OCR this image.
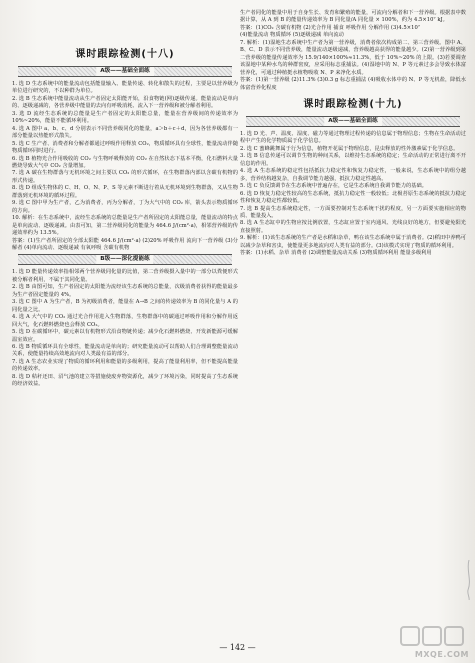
课时跟踪检测(十八)
A级——基础全面练

1. 选 D 生态系统中的能量流动包括能量输入、能量传递、转化和散失的过程，主要是以营养级为单位进行研究的，不以种群为单位。

2. 选 B 生态系统中能量流动从生产者固定太阳能开始，沿食物链(网)逐级传递。能量流动是单向的、逐级递减的，各营养级中能量的去向有呼吸消耗、流入下一营养级和被分解者利用。

3. 选 D 流经生态系统的总能量是生产者固定的太阳能总量，能量在营养级间的传递效率为10%~20%，能量不能循环利用。

4. 选 A 图中 a、b、c、d 分别表示不同营养级同化的能量，a＞b＋c＋d，因为各营养级都有一部分能量以热能形式散失。

5. 选 C 生产者、消费者和分解者都通过呼吸作用释放 CO₂，物质循环具有全球性，能量流动伴随物质循环同时进行。

6. 选 B 植物光合作用吸收的 CO₂ 与生物呼吸释放的 CO₂ 在自然状态下基本平衡，化石燃料大量燃烧导致大气中 CO₂ 含量增加。

7. 选 A 碳在生物群落与无机环境之间主要以 CO₂ 的形式循环，在生物群落内部以含碳有机物的形式传递。

8. 选 D 组成生物体的 C、H、O、N、P、S 等元素不断进行着从无机环境到生物群落，又从生物群落到无机环境的循环过程。

9. 选 C 图中甲为生产者，乙为消费者，丙为分解者，丁为大气中的 CO₂ 库，箭头表示物质循环的方向。

10. 解析：在生态系统中，流经生态系统的总能量是生产者所固定的太阳能总量，能量流动的特点是单向流动、逐级递减。由表可知，第二营养级同化的能量为 464.6 J/(cm²·a)，相邻营养级的传递效率约为 13.5%。

答案：(1)生产者所固定的全部太阳能 464.6 J/(cm²·a) (2)20% 呼吸作用 流向下一营养级 (3)分解者 (4)单向流动、逐级递减 有氧呼吸 含碳有机物

B级——深化提能练

1. 选 D 能量传递效率指相邻两个营养级同化量的比值，第二营养级摄入量中的一部分以粪便形式被分解者利用，不属于其同化量。

2. 选 B 由图可知，生产者固定的太阳能为流经该生态系统的总能量，次级消费者获得的能量最多为生产者固定能量的 4%。

3. 选 C 图中 A 为生产者，B 为初级消费者，能量在 A→B 之间的传递效率为 B 的同化量与 A 的同化量之比。

4. 选 A 大气中的 CO₂ 通过光合作用进入生物群落，生物群落中的碳通过呼吸作用和分解作用返回大气，化石燃料燃烧也会释放 CO₂。

5. 选 D 在碳循环中，碳元素以有机物形式沿食物链传递；减少化石燃料燃烧、开发新能源可缓解温室效应。

6. 选 B 物质循环具有全球性，能量流动是单向的；研究能量流动可以帮助人们合理调整能量流动关系，使能量持续高效地流向对人类最有益的部分。

7. 选 A 生态农业实现了物质的循环利用和能量的多级利用，提高了能量利用率，但不能提高能量的传递效率。

8. 选 D 秸秆还田、沼气池的建立等措施使废弃物资源化，减少了环境污染，同时提高了生态系统的经济效益。

生产者同化的能量中用于自身生长、发育和繁殖的能量，可流向分解者和下一营养级。根据表中数据计算，从 A 到 B 的能量传递效率为 B 同化量/A 同化量 × 100%，约为 4.5×10⁷ kJ。

答案：(1)CO₂ 含碳有机物 (2)光合作用 捕食 呼吸作用 分解作用 (3)4.5×10⁷

(4)能量流动 物质循环 (5)逐级递减 单向流动

7. 解析：(1)湿地生态系统中生产者为第一营养级，消费者依次构成第二、第三营养级。图中 A、B、C、D 表示不同营养级，能量流动逐级递减，营养级越高获得的能量越少。(2)第一营养级到第二营养级的能量传递效率为 15.9/140×100%≈11.3%，低于 10%~20% 的上限。(3)若要调查该湿地中某种水鸟的种群密度，应采用标志重捕法。(4)湿地中的 N、P 等元素过多会导致水体富营养化，可通过种植挺水植物吸收 N、P 来净化水质。

答案：(1)第一营养级 (2)11.3% (3)0.3 g 标志重捕法 (4)吸收水体中的 N、P 等无机盐，降低水体富营养化程度

课时跟踪检测(十九)
A级——基础全面练

1. 选 D 光、声、温度、湿度、磁力等通过物理过程传递的信息属于物理信息；生物在生命活动过程中产生的化学物质属于化学信息。

2. 选 C 蜜蜂跳舞属于行为信息，植物开花属于物理信息，昆虫释放的性外激素属于化学信息。

3. 选 B 信息传递可以调节生物的种间关系，以维持生态系统的稳定；生命活动的正常进行离不开信息的作用。

4. 选 A 生态系统的稳定性包括抵抗力稳定性和恢复力稳定性，一般来说，生态系统中的组分越多，营养结构越复杂，自我调节能力越强，抵抗力稳定性越高。

5. 选 C 负反馈调节在生态系统中普遍存在，它是生态系统自我调节能力的基础。

6. 选 D 恢复力稳定性较高的生态系统，抵抗力稳定性一般较低；北极苔原生态系统的抵抗力稳定性和恢复力稳定性都较低。

7. 选 B 提高生态系统稳定性，一方面要控制对生态系统干扰的程度，另一方面要实施相应的物质、能量投入。

8. 选 A 生态缸中的生物应按比例放置，生态缸应置于室内通风、光线良好的地方，但要避免阳光直接照射。

9. 解析：(1)该生态系统的生产者是水稻和杂草，鸭在该生态系统中属于消费者。(2)稻田中养鸭可以减少杂草和害虫，使能量更多地流向对人类有益的部分。(3)该模式实现了物质的循环利用。

答案：(1)水稻、杂草 消费者 (2)调整能量流动关系 (3)物质循环利用 能量多级利用

— 142 —
MXQE.COM
